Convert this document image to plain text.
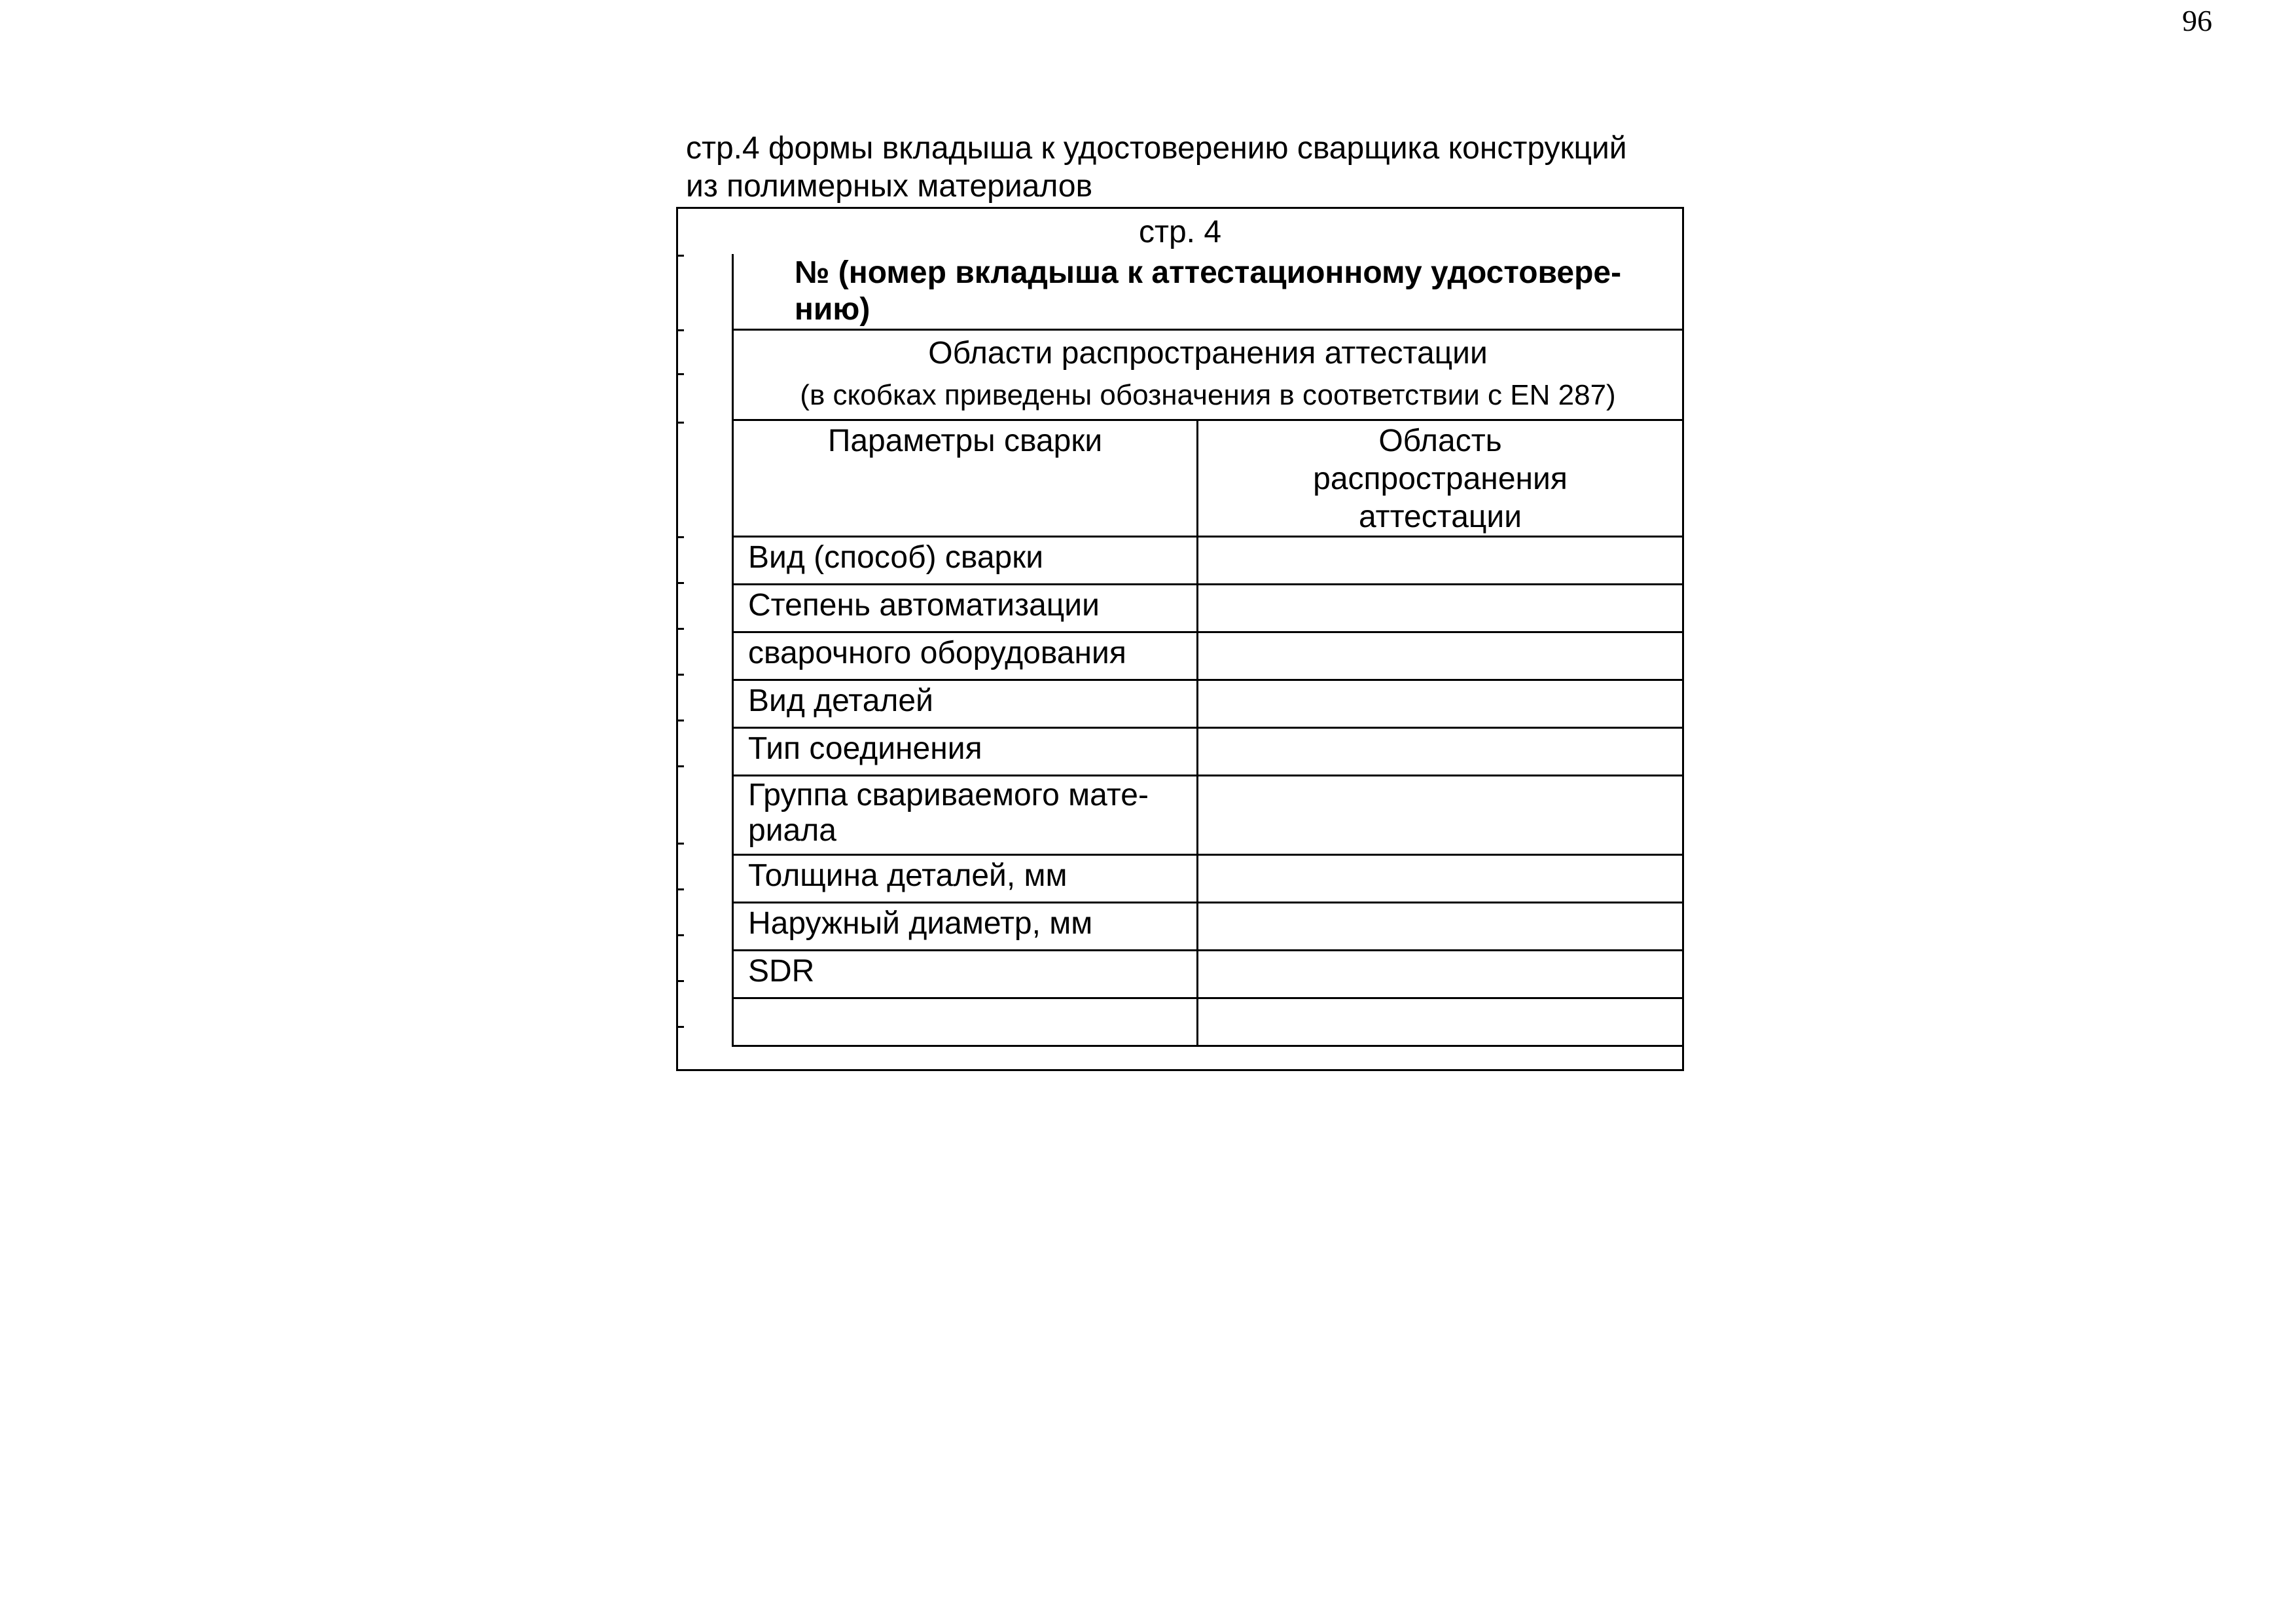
96
стр.4 формы вкладыша к удостоверению сварщика конструкций
из полимерных материалов
стр. 4
№ (номер вкладыша к аттестационному удостовере-
нию)
Области распространения аттестации
(в скобках приведены обозначения в соответствии с EN 287)
Параметры сварки	Область
распространения
аттестации
Вид (способ) сварки
Степень автоматизации
сварочного оборудования
Вид деталей
Тип соединения
Группа свариваемого мате-
риала
Толщина деталей, мм
Наружный диаметр, мм
SDR
